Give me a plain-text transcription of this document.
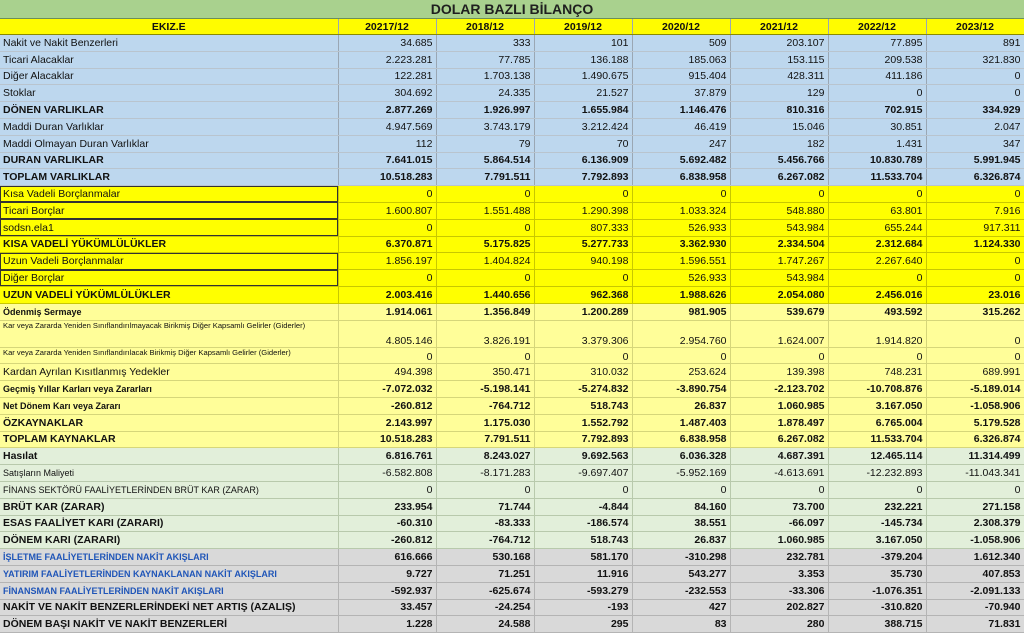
DOLAR BAZLI BİLANÇO
EKIZ.E	20217/12	2018/12	2019/12	2020/12	2021/12	2022/12	2023/12
Nakit ve Nakit Benzerleri	34.685	333	101	509	203.107	77.895	891
Ticari Alacaklar	2.223.281	77.785	136.188	185.063	153.115	209.538	321.830
Diğer Alacaklar	122.281	1.703.138	1.490.675	915.404	428.311	411.186	0
Stoklar	304.692	24.335	21.527	37.879	129	0	0
DÖNEN VARLIKLAR	2.877.269	1.926.997	1.655.984	1.146.476	810.316	702.915	334.929
Maddi Duran Varlıklar	4.947.569	3.743.179	3.212.424	46.419	15.046	30.851	2.047
Maddi Olmayan Duran Varlıklar	112	79	70	247	182	1.431	347
DURAN VARLIKLAR	7.641.015	5.864.514	6.136.909	5.692.482	5.456.766	10.830.789	5.991.945
TOPLAM VARLIKLAR	10.518.283	7.791.511	7.792.893	6.838.958	6.267.082	11.533.704	6.326.874
Kısa Vadeli Borçlanmalar	0	0	0	0	0	0	0
Ticari Borçlar	1.600.807	1.551.488	1.290.398	1.033.324	548.880	63.801	7.916
sodsn.ela1	0	0	807.333	526.933	543.984	655.244	917.311
KISA VADELİ YÜKÜMLÜLÜKLER	6.370.871	5.175.825	5.277.733	3.362.930	2.334.504	2.312.684	1.124.330
Uzun Vadeli Borçlanmalar	1.856.197	1.404.824	940.198	1.596.551	1.747.267	2.267.640	0
Diğer Borçlar	0	0	0	526.933	543.984	0	0
UZUN VADELİ YÜKÜMLÜLÜKLER	2.003.416	1.440.656	962.368	1.988.626	2.054.080	2.456.016	23.016
Ödenmiş Sermaye	1.914.061	1.356.849	1.200.289	981.905	539.679	493.592	315.262
Kar veya Zararda Yeniden Sınıflandırılmayacak Birikmiş Diğer Kapsamlı Gelirler (Giderler)	4.805.146	3.826.191	3.379.306	2.954.760	1.624.007	1.914.820	0
Kar veya Zararda Yeniden Sınıflandırılacak Birikmiş Diğer Kapsamlı Gelirler (Giderler)	0	0	0	0	0	0	0
Kardan Ayrılan Kısıtlanmış Yedekler	494.398	350.471	310.032	253.624	139.398	748.231	689.991
Geçmiş Yıllar Karları veya Zararları	-7.072.032	-5.198.141	-5.274.832	-3.890.754	-2.123.702	-10.708.876	-5.189.014
Net Dönem Karı veya Zararı	-260.812	-764.712	518.743	26.837	1.060.985	3.167.050	-1.058.906
ÖZKAYNAKLAR	2.143.997	1.175.030	1.552.792	1.487.403	1.878.497	6.765.004	5.179.528
TOPLAM KAYNAKLAR	10.518.283	7.791.511	7.792.893	6.838.958	6.267.082	11.533.704	6.326.874
Hasılat	6.816.761	8.243.027	9.692.563	6.036.328	4.687.391	12.465.114	11.314.499
Satışların Maliyeti	-6.582.808	-8.171.283	-9.697.407	-5.952.169	-4.613.691	-12.232.893	-11.043.341
FİNANS SEKTÖRÜ FAALİYETLERİNDEN BRÜT KAR (ZARAR)	0	0	0	0	0	0	0
BRÜT KAR (ZARAR)	233.954	71.744	-4.844	84.160	73.700	232.221	271.158
ESAS FAALİYET KARI (ZARARI)	-60.310	-83.333	-186.574	38.551	-66.097	-145.734	2.308.379
DÖNEM KARI (ZARARI)	-260.812	-764.712	518.743	26.837	1.060.985	3.167.050	-1.058.906
İŞLETME FAALİYETLERİNDEN NAKİT AKIŞLARI	616.666	530.168	581.170	-310.298	232.781	-379.204	1.612.340
YATIRIM FAALİYETLERİNDEN KAYNAKLANAN NAKİT AKIŞLARI	9.727	71.251	11.916	543.277	3.353	35.730	407.853
FİNANSMAN FAALİYETLERİNDEN NAKİT AKIŞLARI	-592.937	-625.674	-593.279	-232.553	-33.306	-1.076.351	-2.091.133
NAKİT VE NAKİT BENZERLERİNDEKİ NET ARTIŞ (AZALIŞ)	33.457	-24.254	-193	427	202.827	-310.820	-70.940
DÖNEM BAŞI NAKİT VE NAKİT BENZERLERİ	1.228	24.588	295	83	280	388.715	71.831
